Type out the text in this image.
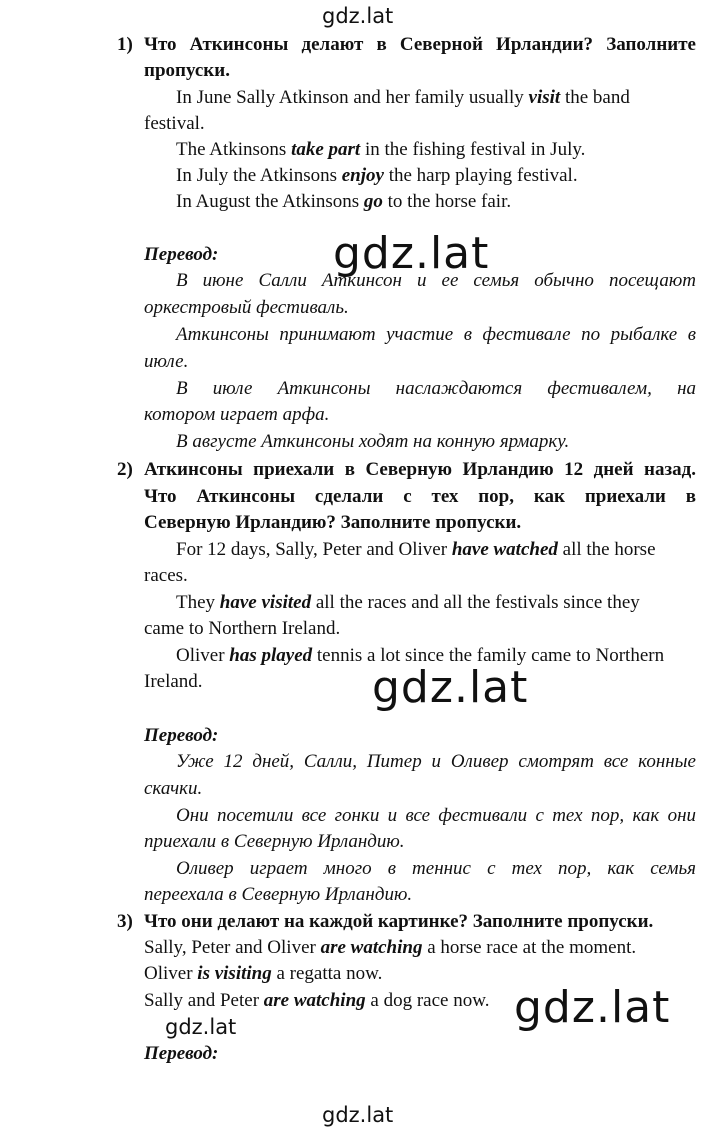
gdz.lat
gdz.lat
gdz.lat
gdz.lat
gdz.lat
gdz.lat
1) Что Аткинсоны делают в Северной Ирландии? Заполните
пропуски.
In June Sally Atkinson and her family usually visit the band
festival.
The Atkinsons take part in the fishing festival in July.
In July the Atkinsons enjoy the harp playing festival.
In August the Atkinsons go to the horse fair.
Перевод:
В июне Салли Аткинсон и ее семья обычно посещают
оркестровый фестиваль.
Аткинсоны принимают участие в фестивале по рыбалке в
июле.
В июле Аткинсоны наслаждаются фестивалем, на
котором играет арфа.
В августе Аткинсоны ходят на конную ярмарку.
2) Аткинсоны приехали в Северную Ирландию 12 дней назад.
Что Аткинсоны сделали с тех пор, как приехали в
Северную Ирландию? Заполните пропуски.
For 12 days, Sally, Peter and Oliver have watched all the horse
races.
They have visited all the races and all the festivals since they
came to Northern Ireland.
Oliver has played tennis a lot since the family came to Northern
Ireland.
Перевод:
Уже 12 дней, Салли, Питер и Оливер смотрят все конные
скачки.
Они посетили все гонки и все фестивали с тех пор, как они
приехали в Северную Ирландию.
Оливер играет много в теннис с тех пор, как семья
переехала в Северную Ирландию.
3) Что они делают на каждой картинке? Заполните пропуски.
Sally, Peter and Oliver are watching a horse race at the moment.
Oliver is visiting a regatta now.
Sally and Peter are watching a dog race now.
Перевод:
